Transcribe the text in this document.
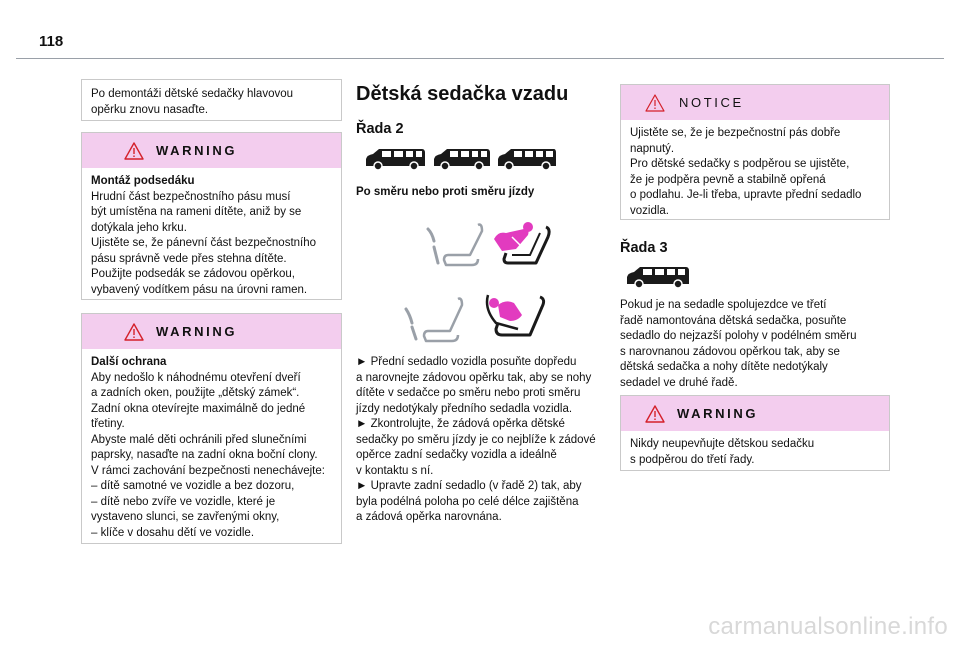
118

Po demontáži dětské sedačky hlavovou
opěrku znovu nasaďte.

WARNING
Montáž podsedáku
Hrudní část bezpečnostního pásu musí
být umístěna na rameni dítěte, aniž by se
dotýkala jeho krku.
Ujistěte se, že pánevní část bezpečnostního
pásu správně vede přes stehna dítěte.
Použijte podsedák se zádovou opěrkou,
vybavený vodítkem pásu na úrovni ramen.
WARNING
Další ochrana
Aby nedošlo k náhodnému otevření dveří
a zadních oken, použijte „dětský zámek“.
Zadní okna otevírejte maximálně do jedné
třetiny.
Abyste malé děti ochránili před slunečními
paprsky, nasaďte na zadní okna boční clony.
V rámci zachování bezpečnosti nenechávejte:
– dítě samotné ve vozidle a bez dozoru,
– dítě nebo zvíře ve vozidle, které je
vystaveno slunci, se zavřenými okny,
– klíče v dosahu dětí ve vozidle.
Dětská sedačka vzadu
Řada 2
Po směru nebo proti směru jízdy
► Přední sedadlo vozidla posuňte dopředu
a narovnejte zádovou opěrku tak, aby se nohy
dítěte v sedačce po směru nebo proti směru
jízdy nedotýkaly předního sedadla vozidla.
► Zkontrolujte, že zádová opěrka dětské
sedačky po směru jízdy je co nejblíže k zádové
opěrce zadní sedačky vozidla a ideálně
v kontaktu s ní.
► Upravte zadní sedadlo (v řadě 2) tak, aby
byla podélná poloha po celé délce zajištěna
a zádová opěrka narovnána.
NOTICE
Ujistěte se, že je bezpečnostní pás dobře
napnutý.
Pro dětské sedačky s podpěrou se ujistěte,
že je podpěra pevně a stabilně opřená
o podlahu. Je-li třeba, upravte přední sedadlo
vozidla.
Řada 3
Pokud je na sedadle spolujezdce ve třetí
řadě namontována dětská sedačka, posuňte
sedadlo do nejzazší polohy v podélném směru
s narovnanou zádovou opěrkou tak, aby se
dětská sedačka a nohy dítěte nedotýkaly
sedadel ve druhé řadě.
WARNING
Nikdy neupevňujte dětskou sedačku
s podpěrou do třetí řady.
carmanualsonline.info
